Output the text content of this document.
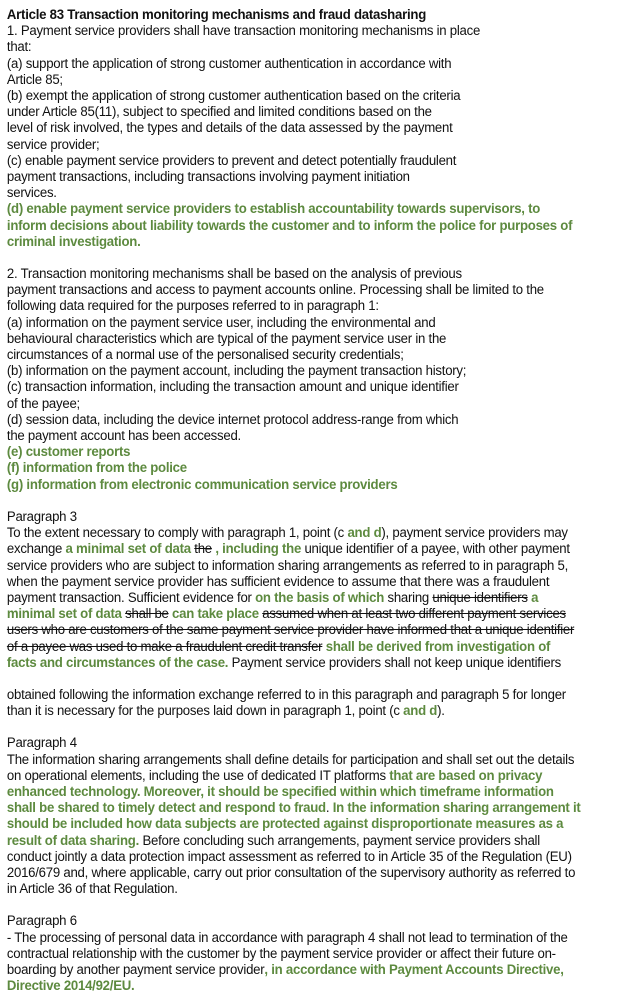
Article 83 Transaction monitoring mechanisms and fraud datasharing
1. Payment service providers shall have transaction monitoring mechanisms in place
that:
(a) support the application of strong customer authentication in accordance with
Article 85;
(b) exempt the application of strong customer authentication based on the criteria
under Article 85(11), subject to specified and limited conditions based on the
level of risk involved, the types and details of the data assessed by the payment
service provider;
(c) enable payment service providers to prevent and detect potentially fraudulent
payment transactions, including transactions involving payment initiation
services.
(d) enable payment service providers to establish accountability towards supervisors, to
inform decisions about liability towards the customer and to inform the police for purposes of
criminal investigation.
2. Transaction monitoring mechanisms shall be based on the analysis of previous
payment transactions and access to payment accounts online. Processing shall be limited to the
following data required for the purposes referred to in paragraph 1:
(a) information on the payment service user, including the environmental and
behavioural characteristics which are typical of the payment service user in the
circumstances of a normal use of the personalised security credentials;
(b) information on the payment account, including the payment transaction history;
(c) transaction information, including the transaction amount and unique identifier
of the payee;
(d) session data, including the device internet protocol address-range from which
the payment account has been accessed.
(e) customer reports
(f) information from the police
(g) information from electronic communication service providers
Paragraph 3
To the extent necessary to comply with paragraph 1, point (c and d), payment service providers may
exchange a minimal set of data the , including the unique identifier of a payee, with other payment
service providers who are subject to information sharing arrangements as referred to in paragraph 5,
when the payment service provider has sufficient evidence to assume that there was a fraudulent
payment transaction. Sufficient evidence for on the basis of which sharing unique identifiers a
minimal set of data shall be can take place assumed when at least two different payment services
users who are customers of the same payment service provider have informed that a unique identifier
of a payee was used to make a fraudulent credit transfer shall be derived from investigation of
facts and circumstances of the case. Payment service providers shall not keep unique identifiers
obtained following the information exchange referred to in this paragraph and paragraph 5 for longer
than it is necessary for the purposes laid down in paragraph 1, point (c and d).
Paragraph 4
The information sharing arrangements shall define details for participation and shall set out the details
on operational elements, including the use of dedicated IT platforms that are based on privacy
enhanced technology. Moreover, it should be specified within which timeframe information
shall be shared to timely detect and respond to fraud. In the information sharing arrangement it
should be included how data subjects are protected against disproportionate measures as a
result of data sharing. Before concluding such arrangements, payment service providers shall
conduct jointly a data protection impact assessment as referred to in Article 35 of the Regulation (EU)
2016/679 and, where applicable, carry out prior consultation of the supervisory authority as referred to
in Article 36 of that Regulation.
Paragraph 6
- The processing of personal data in accordance with paragraph 4 shall not lead to termination of the
contractual relationship with the customer by the payment service provider or affect their future on-
boarding by another payment service provider, in accordance with Payment Accounts Directive,
Directive 2014/92/EU.
